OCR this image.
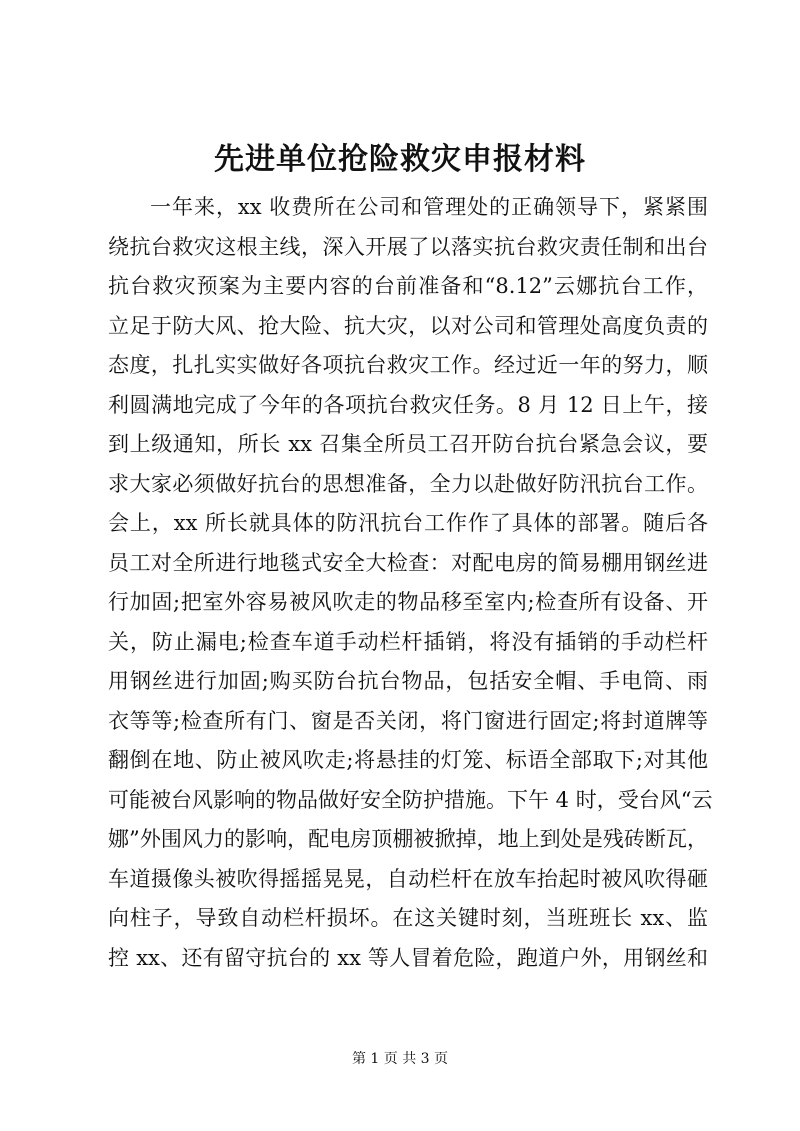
先进单位抢险救灾申报材料
一年来，xx 收费所在公司和管理处的正确领导下，紧紧围
绕抗台救灾这根主线，深入开展了以落实抗台救灾责任制和出台
抗台救灾预案为主要内容的台前准备和“8.12”云娜抗台工作，
立足于防大风、抢大险、抗大灾，以对公司和管理处高度负责的
态度，扎扎实实做好各项抗台救灾工作。经过近一年的努力，顺
利圆满地完成了今年的各项抗台救灾任务。8 月 12 日上午，接
到上级通知，所长 xx 召集全所员工召开防台抗台紧急会议，要
求大家必须做好抗台的思想准备，全力以赴做好防汛抗台工作。
会上，xx 所长就具体的防汛抗台工作作了具体的部署。随后各
员工对全所进行地毯式安全大检查：对配电房的简易棚用钢丝进
行加固;把室外容易被风吹走的物品移至室内;检查所有设备、开
关，防止漏电;检查车道手动栏杆插销，将没有插销的手动栏杆
用钢丝进行加固;购买防台抗台物品，包括安全帽、手电筒、雨
衣等等;检查所有门、窗是否关闭，将门窗进行固定;将封道牌等
翻倒在地、防止被风吹走;将悬挂的灯笼、标语全部取下;对其他
可能被台风影响的物品做好安全防护措施。下午 4 时，受台风“云
娜”外围风力的影响，配电房顶棚被掀掉，地上到处是残砖断瓦，
车道摄像头被吹得摇摇晃晃，自动栏杆在放车抬起时被风吹得砸
向柱子，导致自动栏杆损坏。在这关键时刻，当班班长 xx、监
控 xx、还有留守抗台的 xx 等人冒着危险，跑道户外，用钢丝和
第 1 页 共 3 页
